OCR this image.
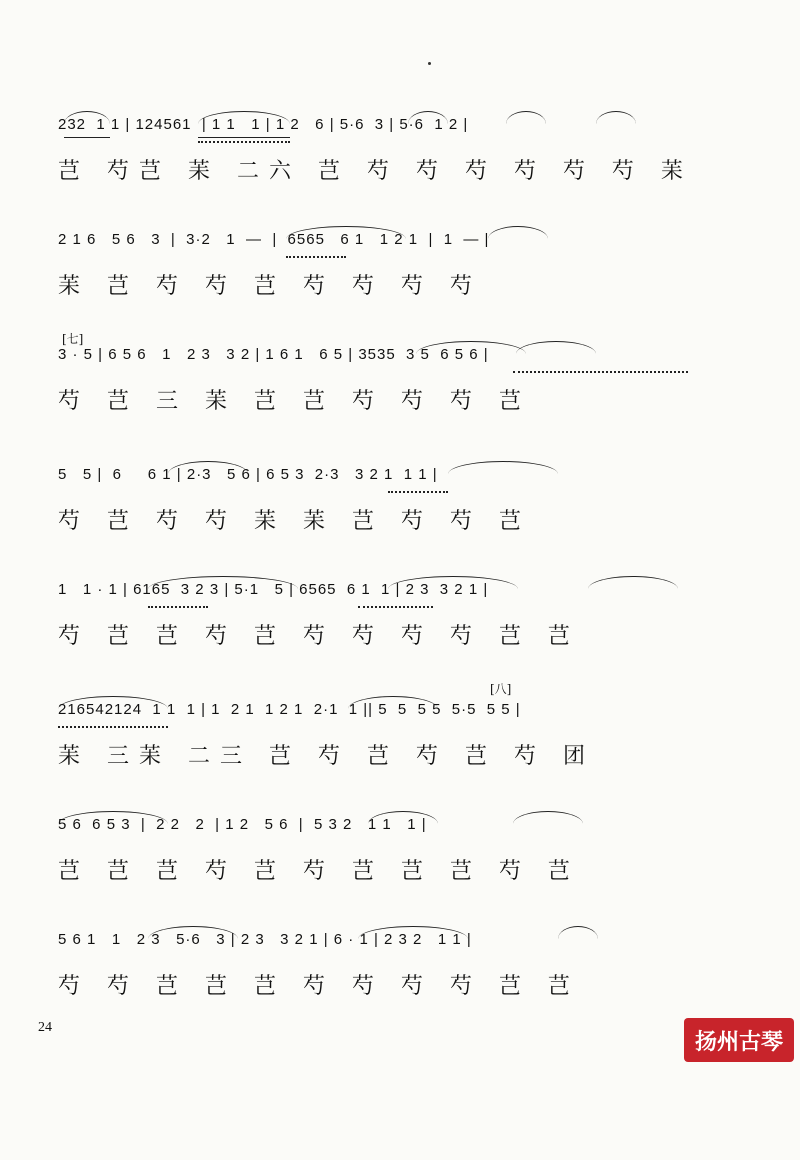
232  1 1 | 124561  | 1 1   1 | 1 2   6 | 5·6  3 | 5·6  1 2 |

芑 芍芑 苿 二六 芑 芍 芍 芍 芍 芍 芍 苿

2 1 6   5 6   3  |  3·2   1  —  |  6565   6 1   1 2 1  |  1  — |

苿 芑 芍 芍 芑 芍 芍 芍 芍
[七]

3 · 5 | 6 5 6   1   2 3   3 2 | 1 6 1   6 5 | 3535  3 5  6 5 6 |

芍 芑 三 苿 芑 芑 芍 芍 芍 芑

5   5 |  6     6 1 | 2·3   5 6 | 6 5 3  2·3   3 2 1  1 1 |

芍 芑 芍 芍 苿 苿 芑 芍 芍 芑

1   1 · 1 | 6165  3 2 3 | 5·1   5 | 6565  6 1  1 | 2 3  3 2 1 |

芍 芑 芑 芍 芑 芍 芍 芍 芍 芑 芑
[八]

216542124  1 1  1 | 1  2 1  1 2 1  2·1  1 || 5  5  5 5  5·5  5 5 |

苿 三苿 二三 芑 芍 芑 芍 芑 芍 团

5 6  6 5 3  |  2 2   2  | 1 2   5 6  |  5 3 2   1 1   1 |

芑 芑 芑 芍 芑 芍 芑 芑 芑 芍 芑

5 6 1   1   2 3   5·6   3 | 2 3   3 2 1 | 6 · 1 | 2 3 2   1 1 |

芍 芍 芑 芑 芑 芍 芍 芍 芍 芑 芑
24
扬州古琴
